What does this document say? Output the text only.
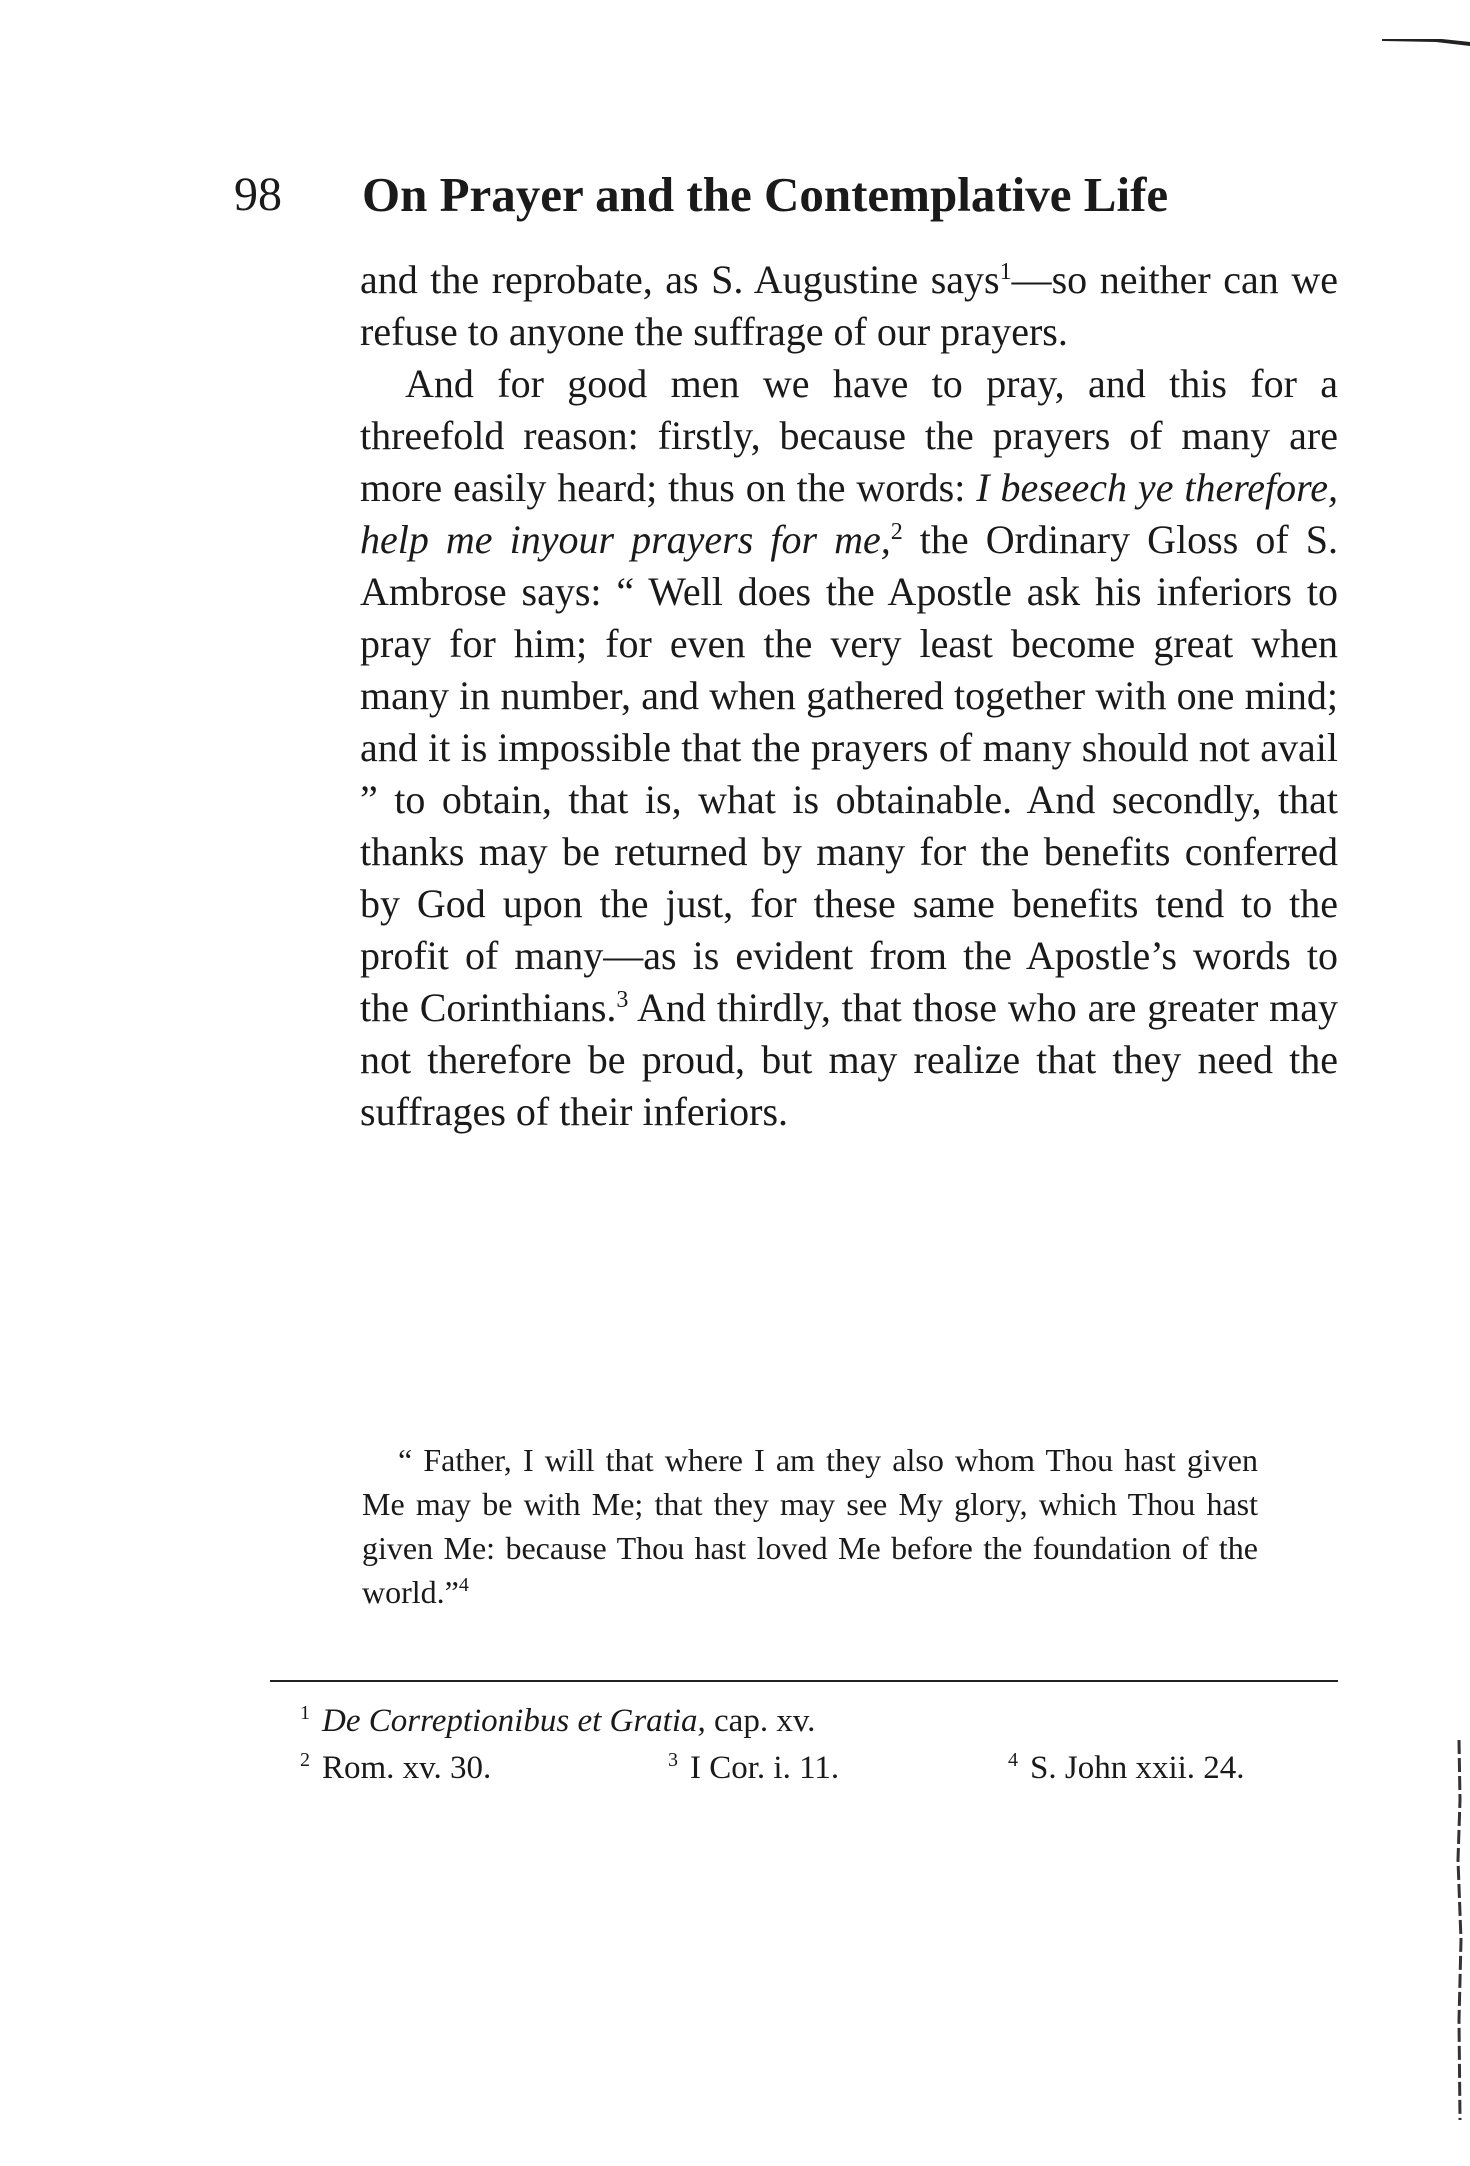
98 On Prayer and the Contemplative Life

and the reprobate, as S. Augustine says$^1$—so neither can we refuse to anyone the suffrage of our prayers.

And for good men we have to pray, and this for a threefold reason: firstly, because the prayers of many are more easily heard; thus on the words: I beseech ye therefore, help me inyour prayers for me,$^2$ the Ordinary Gloss of S. Ambrose says: “ Well does the Apostle ask his inferiors to pray for him; for even the very least become great when many in number, and when gathered together with one mind; and it is impossible that the prayers of many should not avail ” to obtain, that is, what is obtainable. And secondly, that thanks may be returned by many for the benefits conferred by God upon the just, for these same benefits tend to the profit of many—as is evident from the Apostle’s words to the Corinthians.$^3$ And thirdly, that those who are greater may not therefore be proud, but may realize that they need the suffrages of their inferiors.

“ Father, I will that where I am they also whom Thou hast given Me may be with Me; that they may see My glory, which Thou hast given Me: because Thou hast loved Me before the foundation of the world.”$^4$

$^1$ De Correptionibus et Gratia, cap. xv.
$^2$ Rom. xv. 30.	$^3$ I Cor. i. 11.	$^4$ S. John xxii. 24.
